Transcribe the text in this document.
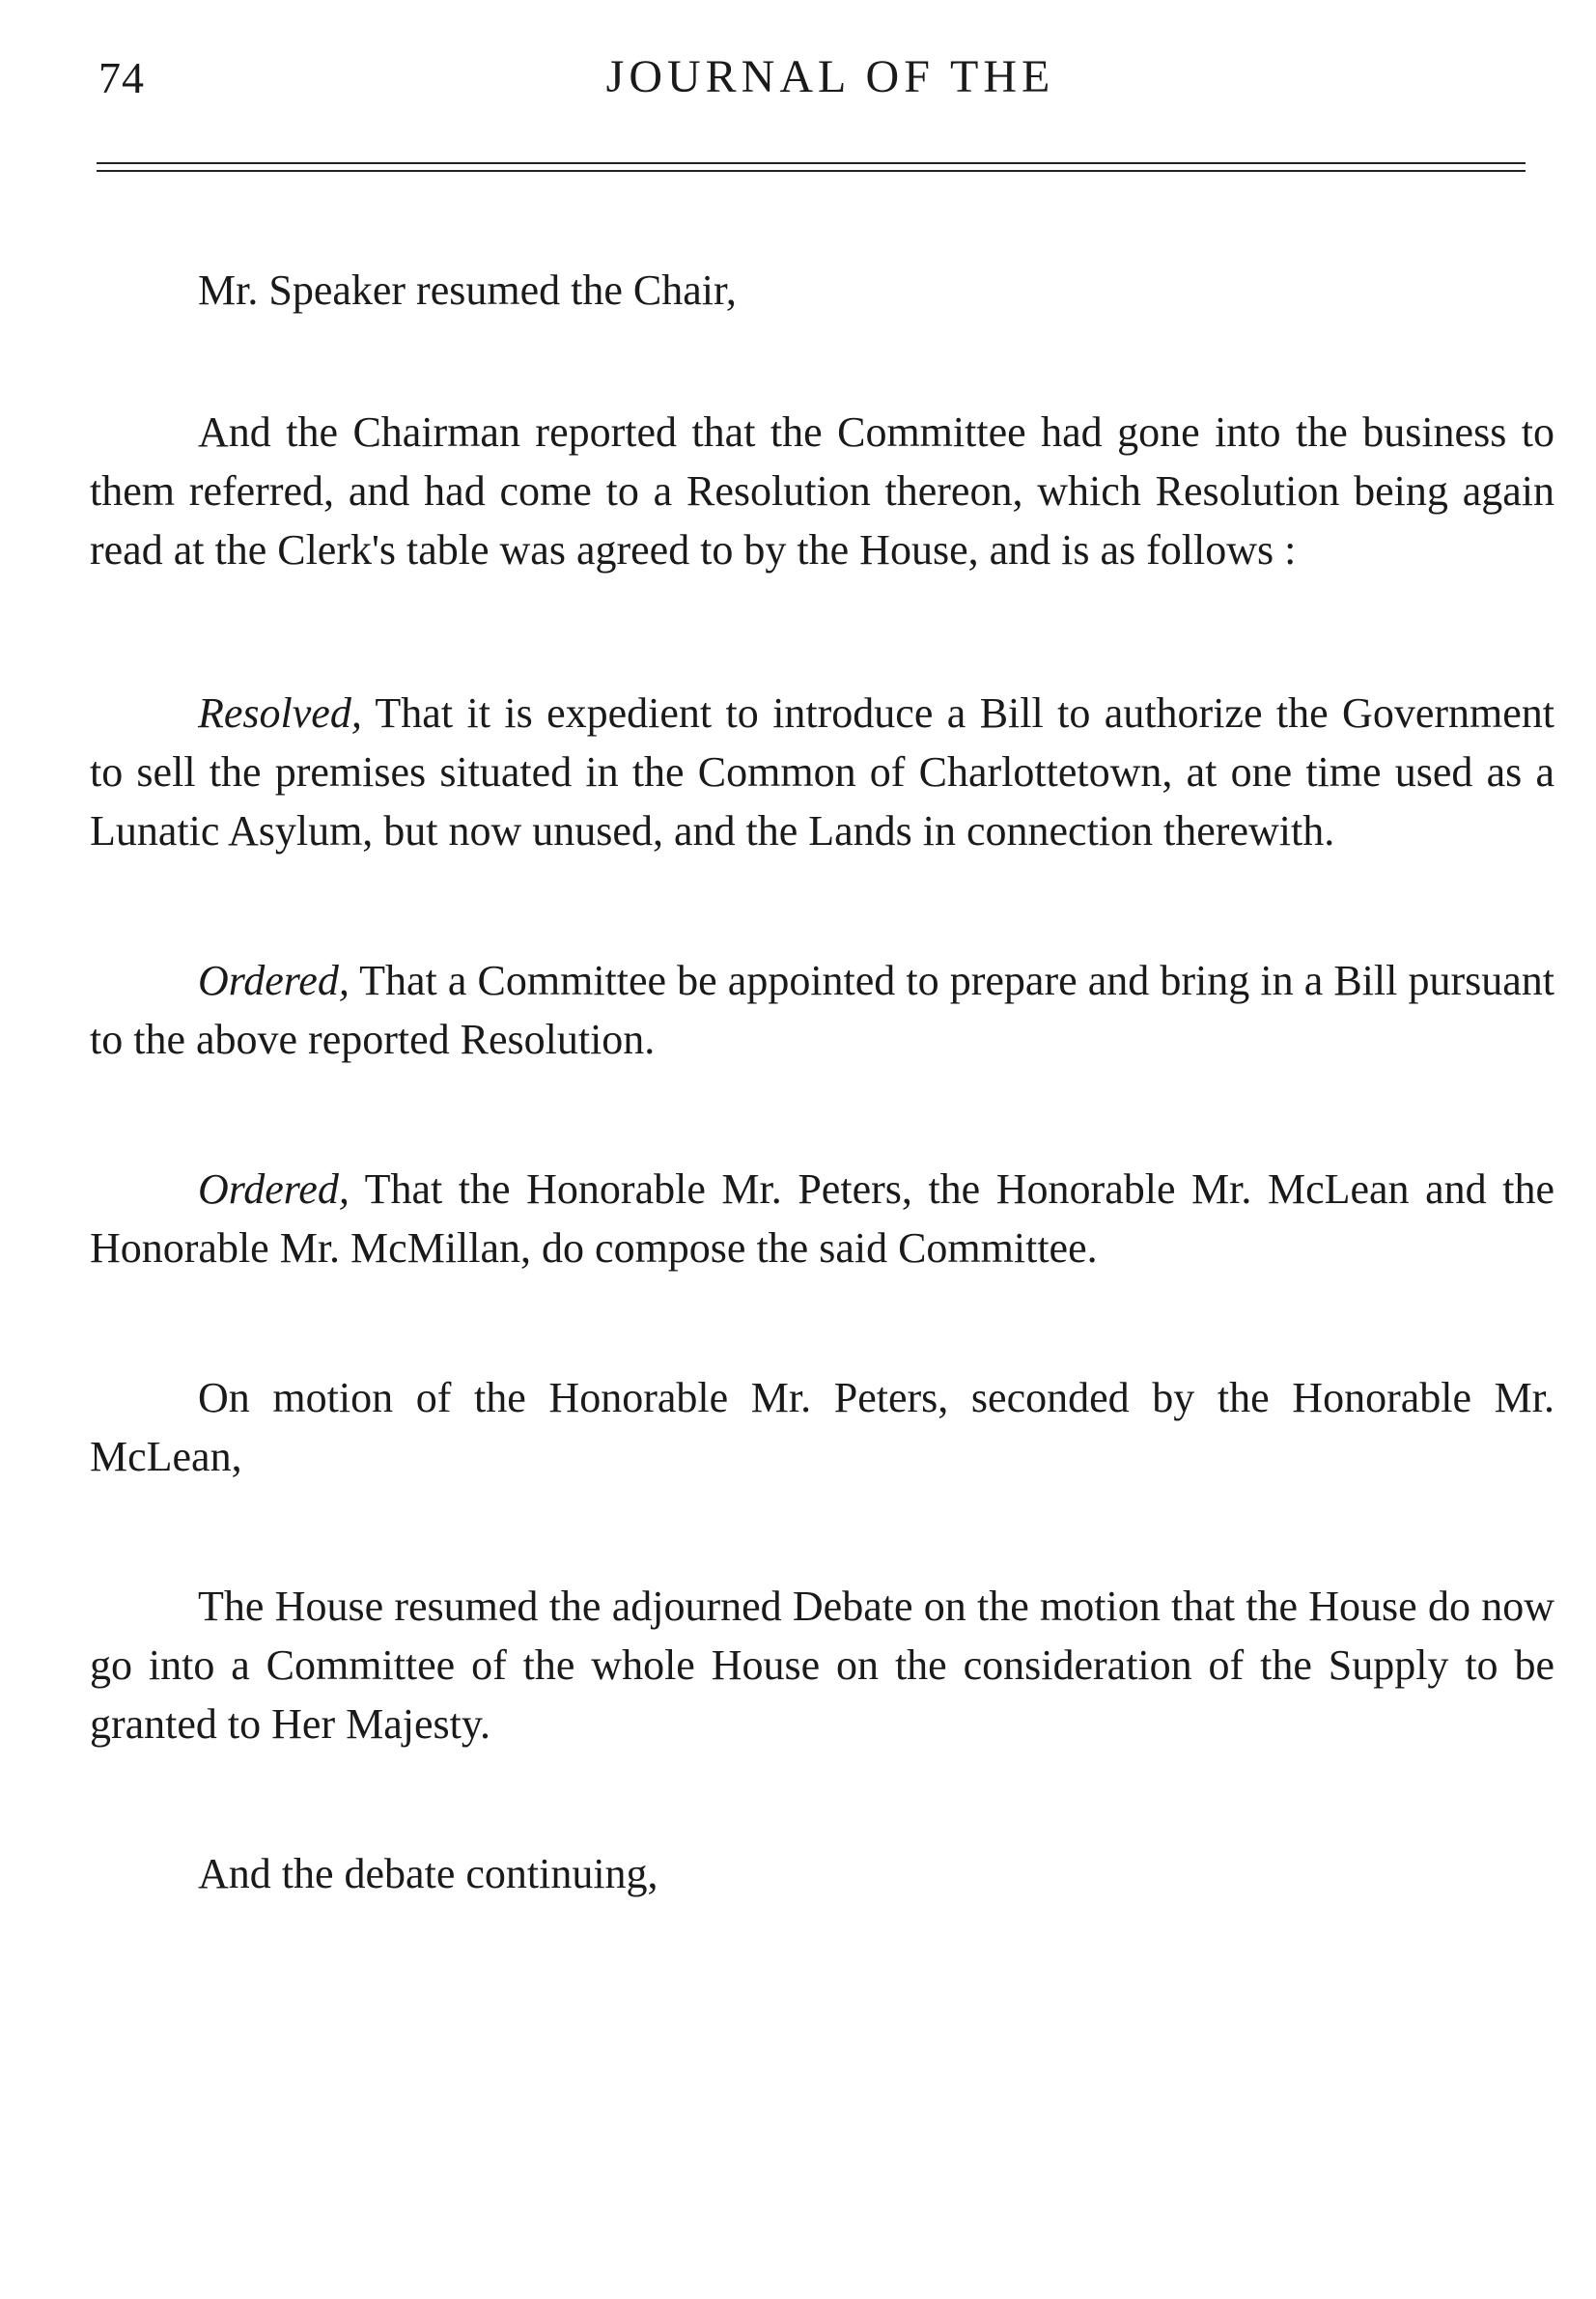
74	JOURNAL OF THE

Mr. Speaker resumed the Chair,

And the Chairman reported that the Committee had gone into the business to them referred, and had come to a Resolution thereon, which Resolution being again read at the Clerk's table was agreed to by the House, and is as follows :

Resolved, That it is expedient to introduce a Bill to authorize the Government to sell the premises situated in the Common of Charlottetown, at one time used as a Lunatic Asylum, but now unused, and the Lands in connection therewith.

Ordered, That a Committee be appointed to prepare and bring in a Bill pursuant to the above reported Resolution.

Ordered, That the Honorable Mr. Peters, the Honorable Mr. McLean and the Honorable Mr. McMillan, do compose the said Committee.

On motion of the Honorable Mr. Peters, seconded by the Honorable Mr. McLean,

The House resumed the adjourned Debate on the motion that the House do now go into a Committee of the whole House on the consideration of the Supply to be granted to Her Majesty.

And the debate continuing,
